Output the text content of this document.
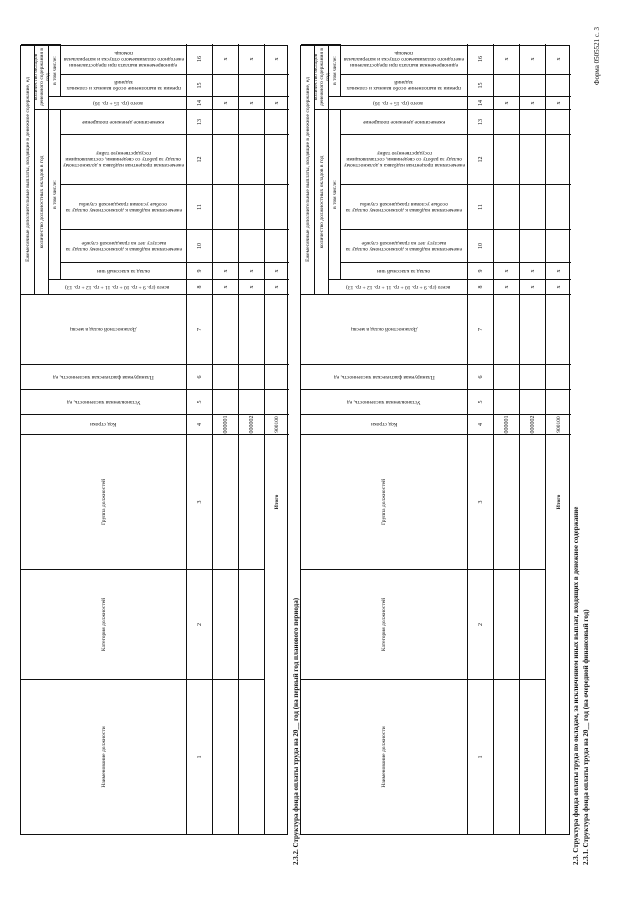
Форма 0505521 с. 3
2.3. Структура фонда оплаты труда по окладам, за исключением иных выплат, входящих в денежное содержание 2.3.1. Структура фонда оплаты труда на 20__ год (на очередной финансовый год)
Наименование должности
Категория должностей
Группа должностей
Код строки
Установленная численность, ед
Планируемая фактическая численность, ед
Должностной оклад в месяц
Ежемесячные дополнительные выплаты, входящие в денежное содержание, ед количество должностных окладов в год
количество окладов денежного содержания в год
всего (гр. 9 + гр. 10 + гр. 11 + гр. 12 + гр. 13)
в том числе:
оклад за классный чин
ежемесячная надбавка к должностному окладу за выслугу лет на гражданской службе
ежемесячная надбавка к должностному окладу за особые условия гражданской службы
ежемесячная процентная надбавка к должностному окладу за работу со сведениями, составляющими государственную тайну
ежемесячное денежное поощрение
всего (гр. 15 + гр. 16)
в том числе:
премии за выполнение особо важных и сложных заданий
единовременная выплата при предоставлении ежегодного оплачиваемого отпуска и материальная помощь
1
2
3
4
5
6
7
8
9
10
11
12
13
14
15
16
000001
x
x
x
x
000002
x
x
x
x
Итого
900100
x
x
x
x
2.3.2. Структура фонда оплаты труда на 20__ год (на первый год планового периода)
Наименование должности
Категория должностей
Группа должностей
Код строки
Установленная численность, ед
Планируемая фактическая численность, ед
Должностной оклад в месяц
Ежемесячные дополнительные выплаты, входящие в денежное содержание, ед количество должностных окладов в год
количество окладов денежного содержания в год
всего (гр. 9 + гр. 10 + гр. 11 + гр. 12 + гр. 13)
в том числе:
оклад за классный чин
ежемесячная надбавка к должностному окладу за выслугу лет на гражданской службе
ежемесячная надбавка к должностному окладу за особые условия гражданской службы
ежемесячная процентная надбавка к должностному окладу за работу со сведениями, составляющими государственную тайну
ежемесячное денежное поощрение
всего (гр. 15 + гр. 16)
в том числе:
премии за выполнение особо важных и сложных заданий
единовременная выплата при предоставлении ежегодного оплачиваемого отпуска и материальная помощь
1
2
3
4
5
6
7
8
9
10
11
12
13
14
15
16
000001
x
x
x
x
000002
x
x
x
x
Итого
900100
x
x
x
x
